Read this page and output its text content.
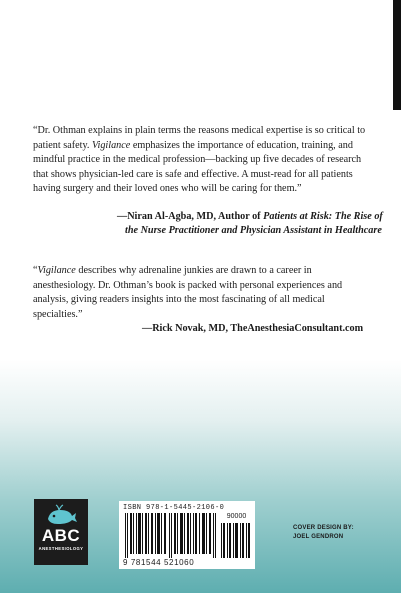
“Dr. Othman explains in plain terms the reasons medical expertise is so critical to patient safety. Vigilance emphasizes the importance of education, training, and mindful practice in the medical profession—backing up five decades of research that shows physician-led care is safe and effective. A must-read for all patients having surgery and their loved ones who will be caring for them.”

—Niran Al-Agba, MD, Author of Patients at Risk: The Rise of the Nurse Practitioner and Physician Assistant in Healthcare

“Vigilance describes why adrenaline junkies are drawn to a career in anesthesiology. Dr. Othman’s book is packed with personal experiences and analysis, giving readers insights into the most fascinating of all medical specialties.”

—Rick Novak, MD, TheAnesthesiaConsultant.com

ABC
ANESTHESIOLOGY
ISBN 978-1-5445-2106-0
90000
9 781544 521060
COVER DESIGN BY:
JOEL GENDRON
